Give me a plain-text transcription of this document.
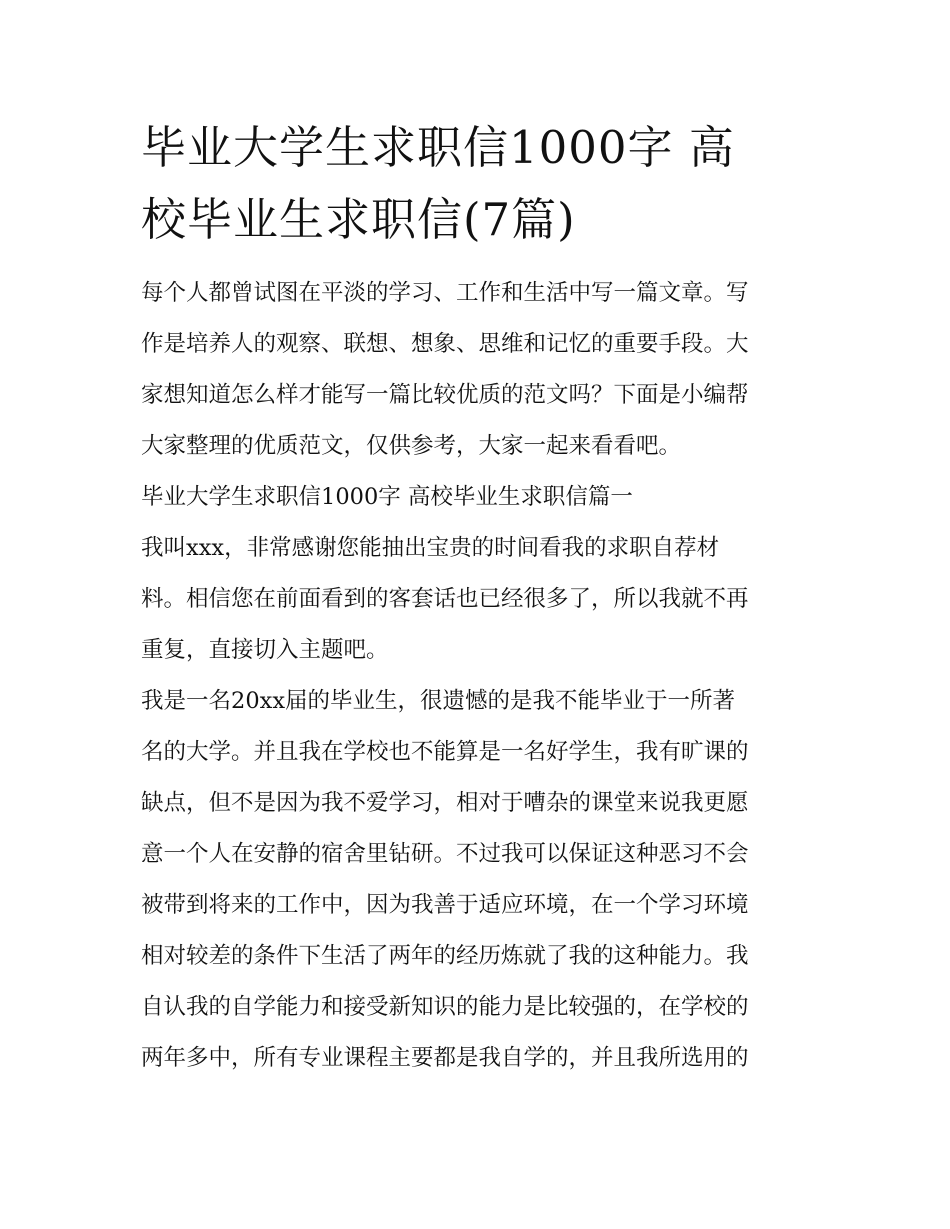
毕业大学生求职信1000字 高
校毕业生求职信(7篇)
每个人都曾试图在平淡的学习、工作和生活中写一篇文章。写
作是培养人的观察、联想、想象、思维和记忆的重要手段。大
家想知道怎么样才能写一篇比较优质的范文吗？下面是小编帮
大家整理的优质范文，仅供参考，大家一起来看看吧。
毕业大学生求职信1000字 高校毕业生求职信篇一
我叫xxx，非常感谢您能抽出宝贵的时间看我的求职自荐材
料。相信您在前面看到的客套话也已经很多了，所以我就不再
重复，直接切入主题吧。
我是一名20xx届的毕业生，很遗憾的是我不能毕业于一所著
名的大学。并且我在学校也不能算是一名好学生，我有旷课的
缺点，但不是因为我不爱学习，相对于嘈杂的课堂来说我更愿
意一个人在安静的宿舍里钻研。不过我可以保证这种恶习不会
被带到将来的工作中，因为我善于适应环境，在一个学习环境
相对较差的条件下生活了两年的经历炼就了我的这种能力。我
自认我的自学能力和接受新知识的能力是比较强的，在学校的
两年多中，所有专业课程主要都是我自学的，并且我所选用的
